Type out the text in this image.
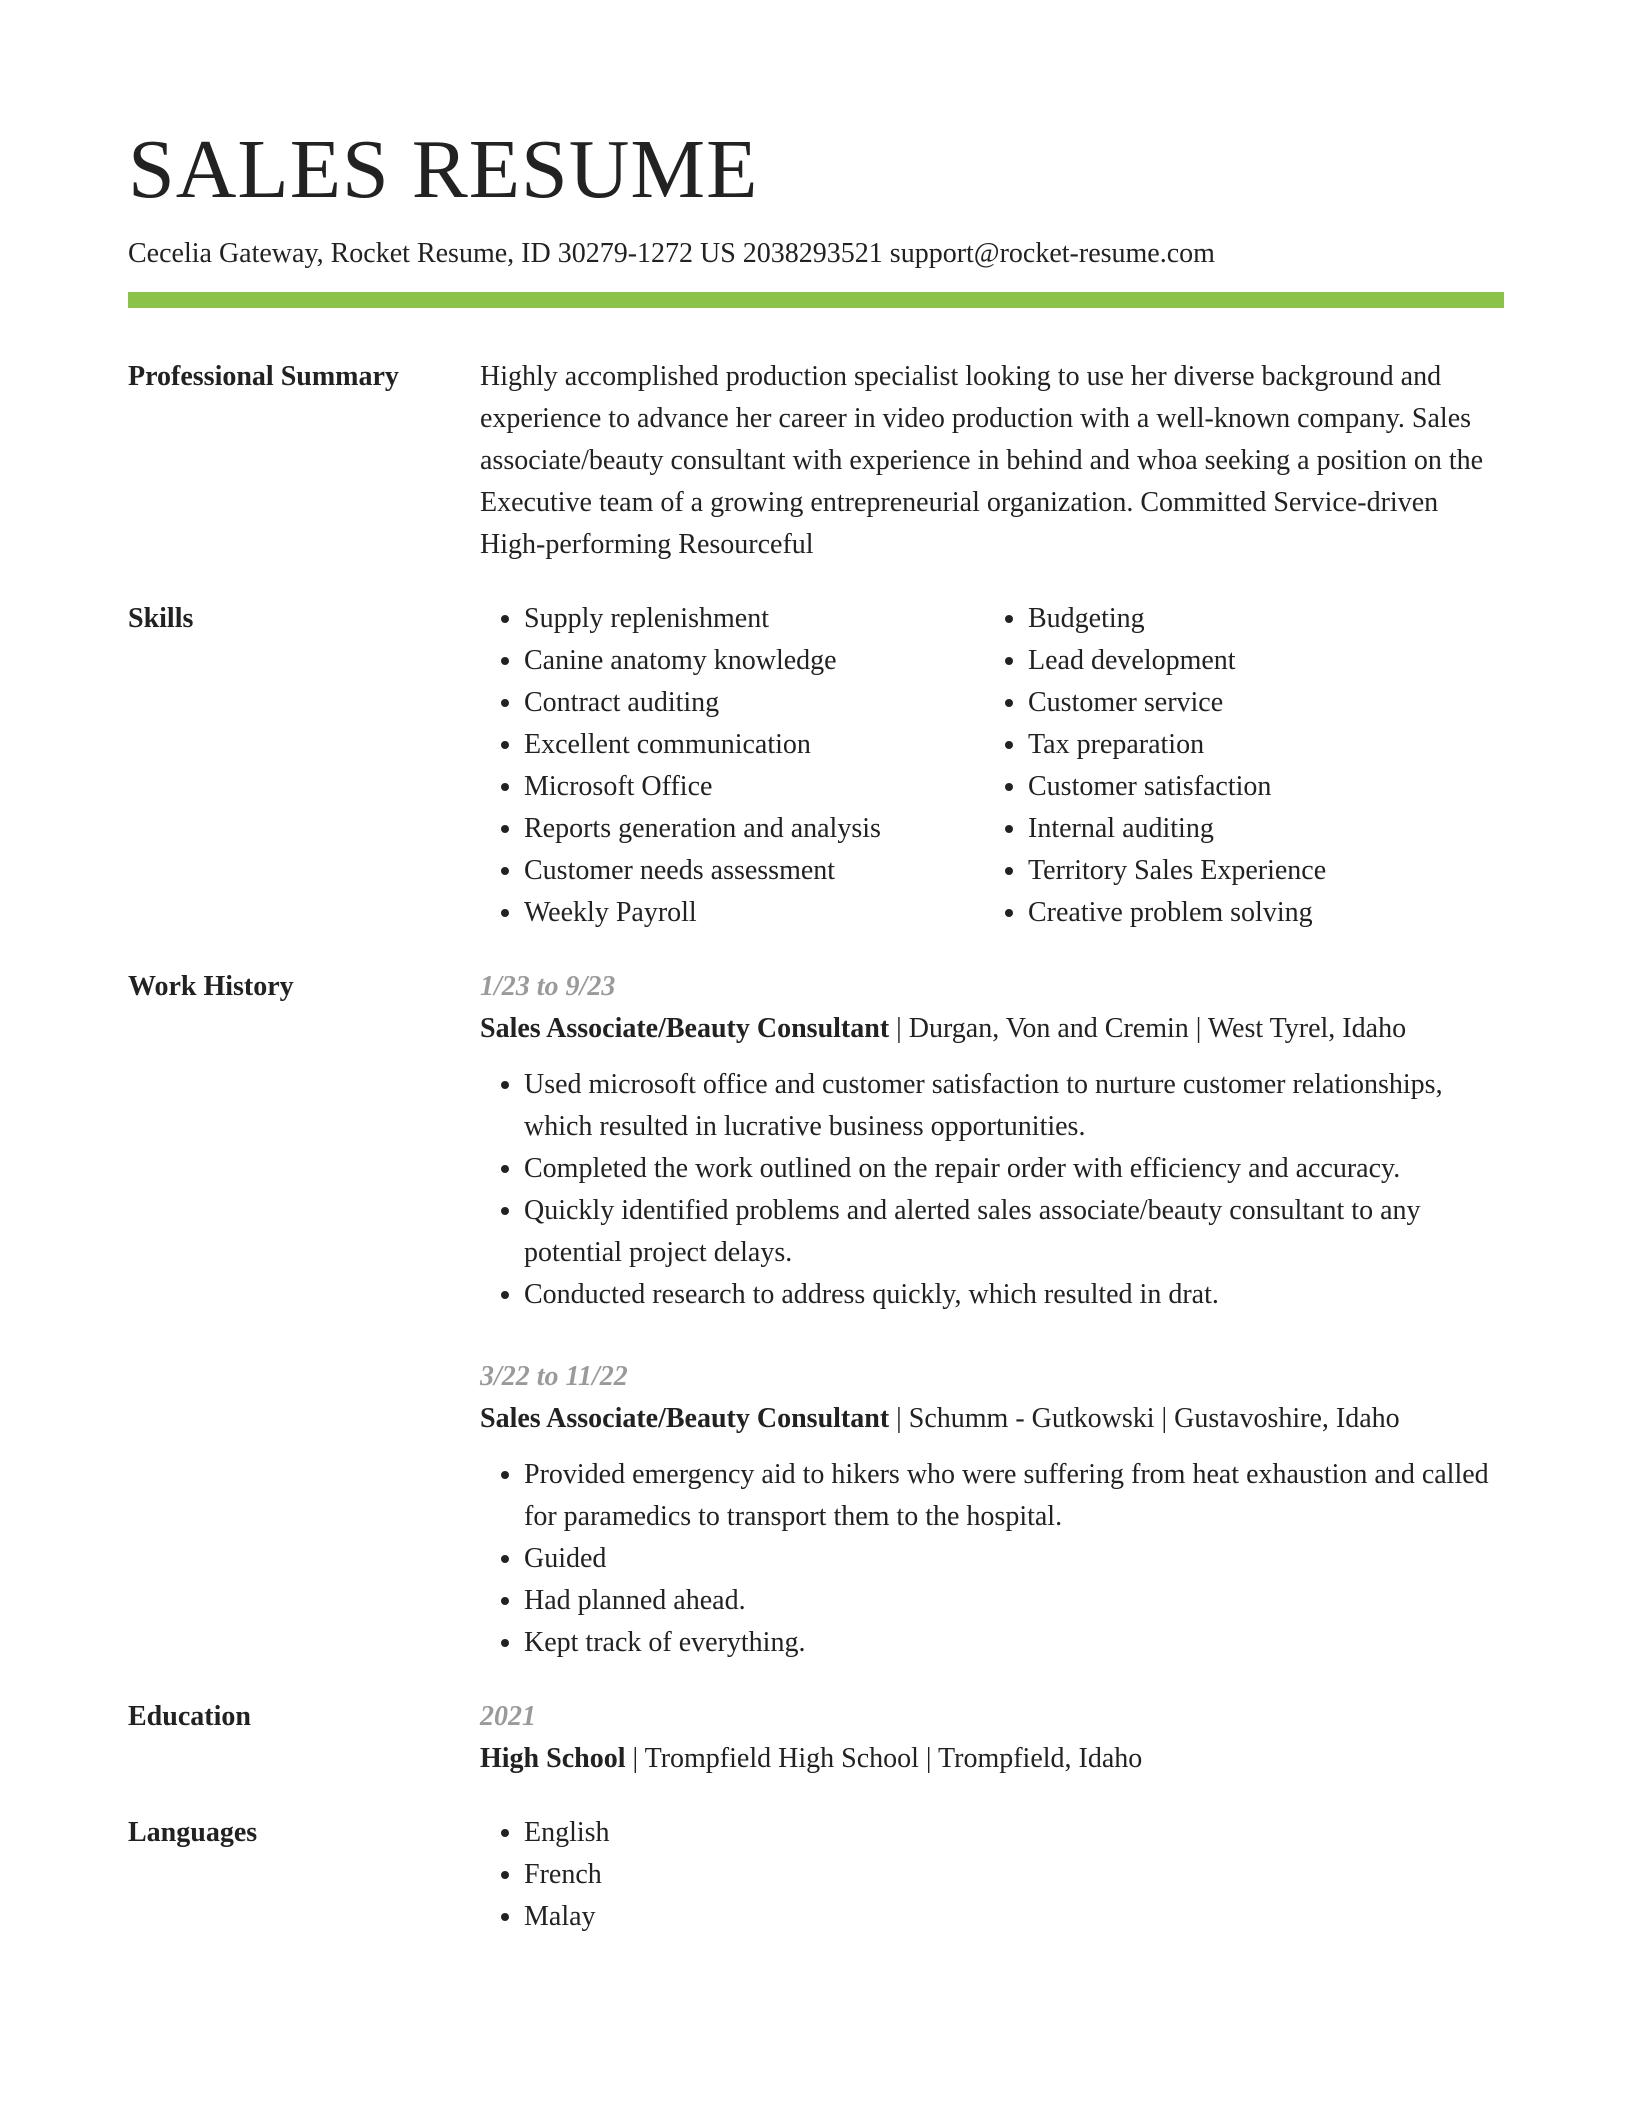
SALES RESUME
Cecelia Gateway, Rocket Resume, ID 30279-1272 US 2038293521 support@rocket-resume.com
Professional Summary	Highly accomplished production specialist looking to use her diverse background and experience to advance her career in video production with a well-known company. Sales associate/beauty consultant with experience in behind and whoa seeking a position on the Executive team of a growing entrepreneurial organization. Committed Service-driven High-performing Resourceful
Skills	• Supply replenishment
• Canine anatomy knowledge
• Contract auditing
• Excellent communication
• Microsoft Office
• Reports generation and analysis
• Customer needs assessment
• Weekly Payroll
• Budgeting
• Lead development
• Customer service
• Tax preparation
• Customer satisfaction
• Internal auditing
• Territory Sales Experience
• Creative problem solving
Work History	1/23 to 9/23
Sales Associate/Beauty Consultant | Durgan, Von and Cremin | West Tyrel, Idaho
• Used microsoft office and customer satisfaction to nurture customer relationships, which resulted in lucrative business opportunities.
• Completed the work outlined on the repair order with efficiency and accuracy.
• Quickly identified problems and alerted sales associate/beauty consultant to any potential project delays.
• Conducted research to address quickly, which resulted in drat.
3/22 to 11/22
Sales Associate/Beauty Consultant | Schumm - Gutkowski | Gustavoshire, Idaho
• Provided emergency aid to hikers who were suffering from heat exhaustion and called for paramedics to transport them to the hospital.
• Guided
• Had planned ahead.
• Kept track of everything.
Education	2021
High School | Trompfield High School | Trompfield, Idaho
Languages	• English
• French
• Malay
